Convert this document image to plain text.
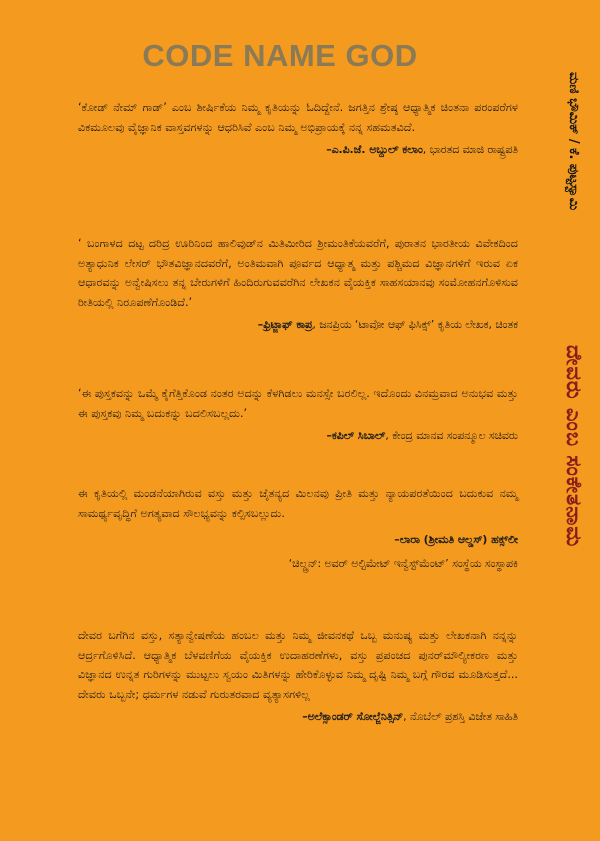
CODE NAME GOD
ಮಣಿ ಭೌಮಿಕ್ / ಕೆ. ಪುಟ್ಟಸ್ವಾಮಿ
ದೇವರು ಎಂಬ ಸಂಕೇತನಾಮ
‘ಕೋಡ್ ನೇಮ್ ಗಾಡ್’ ಎಂಬ ಶೀರ್ಷಿಕೆಯ ನಿಮ್ಮ ಕೃತಿಯನ್ನು ಓದಿದ್ದೇನೆ. ಜಗತ್ತಿನ ಶ್ರೇಷ್ಠ ಆಧ್ಯಾತ್ಮಿಕ ಚಿಂತನಾ ಪರಂಪರೆಗಳ ವಿಕಮೂಲವು ವೈಜ್ಞಾನಿಕ ವಾಸ್ತವಗಳನ್ನು ಆಧರಿಸಿವೆ ಎಂಬ ನಿಮ್ಮ ಅಭಿಪ್ರಾಯಕ್ಕೆ ನನ್ನ ಸಹಮತವಿದೆ.
–ಎ.ಪಿ.ಜೆ. ಅಬ್ದುಲ್ ಕಲಾಂ, ಭಾರತದ ಮಾಜಿ ರಾಷ್ಟ್ರಪತಿ
‘ ಬಂಗಾಳದ ದಟ್ಟ ದರಿದ್ರ ಊರಿನಿಂದ ಹಾಲಿವುಡ್‌ನ ಮಿತಿಮೀರಿದ ಶ್ರೀಮಂತಿಕೆಯವರೆಗೆ, ಪುರಾತನ ಭಾರತೀಯ ವಿವೇಕದಿಂದ ಅತ್ಯಾಧುನಿಕ ಲೇಸರ್ ಭೌತವಿಜ್ಞಾನದವರೆಗೆ, ಅಂತಿಮವಾಗಿ ಪೂರ್ವದ ಆಧ್ಯಾತ್ಮ ಮತ್ತು ಪಶ್ಚಿಮದ ವಿಜ್ಞಾನಗಳಿಗೆ ಇರುವ ಏಕ ಆಧಾರವನ್ನು ಅನ್ವೇಷಿಸಲು ತನ್ನ ಬೇರುಗಳಿಗೆ ಹಿಂದಿರುಗುವವರೆಗಿನ ಲೇಖಕನ ವೈಯಕ್ತಿಕ ಸಾಹಸಯಾನವು ಸಂಮೋಹನಗೊಳಿಸುವ ರೀತಿಯಲ್ಲಿ ನಿರೂಪಣೆಗೊಂಡಿದೆ.’
–ಫ್ರಿಟ್ಜಾಫ್ ಕಾಪ್ರ, ಜನಪ್ರಿಯ ‘ಟಾವೋ ಆಫ್ ಫಿಸಿಕ್ಸ್’ ಕೃತಿಯ ಲೇಖಕ, ಚಿಂತಕ
‘ಈ ಪುಸ್ತಕವನ್ನು ಒಮ್ಮೆ ಕೈಗೆತ್ತಿಕೊಂಡ ನಂತರ ಅದನ್ನು ಕೆಳಗಿಡಲು ಮನಸ್ಸೇ ಬರಲಿಲ್ಲ. ಇದೊಂದು ವಿನಮ್ರವಾದ ಅನುಭವ ಮತ್ತು ಈ ಪುಸ್ತಕವು ನಿಮ್ಮ ಬದುಕನ್ನು ಬದಲಿಸಬಲ್ಲದು.’
–ಕಪಿಲ್ ಸಿಬಾಲ್, ಕೇಂದ್ರ ಮಾನವ ಸಂಪನ್ಮೂಲ ಸಚಿವರು
ಈ ಕೃತಿಯಲ್ಲಿ ಮಂಡನೆಯಾಗಿರುವ ವಸ್ತು ಮತ್ತು ಚೈತನ್ಯದ ಮಿಲನವು ಪ್ರೀತಿ ಮತ್ತು ನ್ಯಾಯಪರತೆಯಿಂದ ಬದುಕುವ ನಮ್ಮ ಸಾಮರ್ಥ್ಯವೃದ್ಧಿಗೆ ಅಗತ್ಯವಾದ ಸೌಲಭ್ಯವನ್ನು ಕಲ್ಪಿಸಬಲ್ಲುದು.
–ಲಾರಾ (ಶ್ರೀಮತಿ ಆಲ್ಡಸ್) ಹಕ್ಸ್‌ಲೀ
‘ಚಿಲ್ಡ್ರನ್: ಅವರ್ ಅಲ್ಟಿಮೇಟ್ ಇನ್ವೆಸ್ಟ್‌ಮೆಂಟ್’ ಸಂಸ್ಥೆಯ ಸಂಸ್ಥಾಪಕಿ
ದೇವರ ಬಗೆಗಿನ ವಸ್ತು, ಸತ್ಯಾನ್ವೇಷಣೆಯ ಹಂಬಲ ಮತ್ತು ನಿಮ್ಮ ಜೀವನಕಥೆ ಒಬ್ಬ ಮನುಷ್ಯ ಮತ್ತು ಲೇಖಕನಾಗಿ ನನ್ನನ್ನು ಆರ್ದ್ರಗೊಳಿಸಿದೆ. ಆಧ್ಯಾತ್ಮಿಕ ಬೆಳವಣಿಗೆಯ ವೈಯಕ್ತಿಕ ಉದಾಹರಣೆಗಳು, ವಸ್ತು ಪ್ರಪಂಚದ ಪುನರ್‌ಮೌಲ್ಯೀಕರಣ ಮತ್ತು ವಿಜ್ಞಾನದ ಉನ್ನತ ಗುರಿಗಳನ್ನು ಮುಟ್ಟಲು ಸ್ವಯಂ ಮಿತಿಗಳನ್ನು ಹೇರಿಕೊಳ್ಳುವ ನಿಮ್ಮ ದೃಷ್ಟಿ ನಿಮ್ಮ ಬಗ್ಗೆ ಗೌರವ ಮೂಡಿಸುತ್ತದೆ... ದೇವರು ಒಬ್ಬನೇ; ಧರ್ಮಗಳ ನಡುವೆ ಗುರುತರವಾದ ವ್ಯತ್ಯಾಸಗಳಿಲ್ಲ
–ಅಲೆಕ್ಸಾಂಡರ್ ಸೋಲ್ಜೆನಿತ್ಸಿನ್, ನೊಬೆಲ್ ಪ್ರಶಸ್ತಿ ವಿಜೇತ ಸಾಹಿತಿ
